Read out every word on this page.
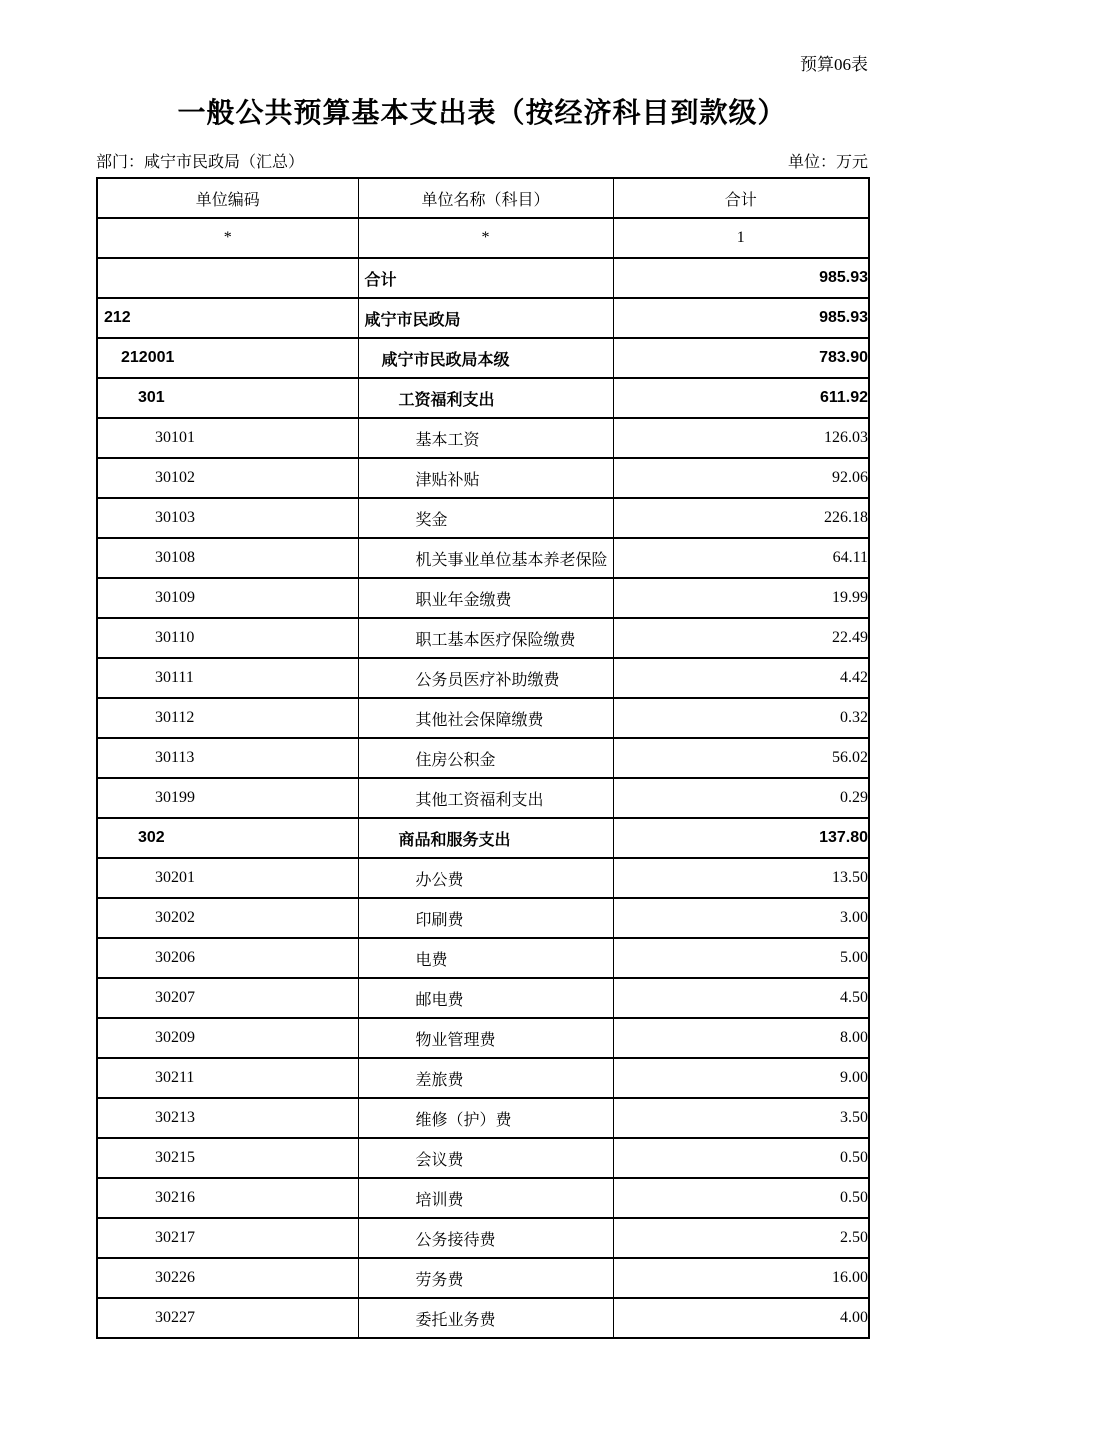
预算06表
一般公共预算基本支出表（按经济科目到款级）
部门：咸宁市民政局（汇总）	单位：万元
单位编码	单位名称（科目）	合计
*	*	1
	合计	985.93
212	咸宁市民政局	985.93
212001	咸宁市民政局本级	783.90
301	工资福利支出	611.92
30101	基本工资	126.03
30102	津贴补贴	92.06
30103	奖金	226.18
30108	机关事业单位基本养老保险	64.11
30109	职业年金缴费	19.99
30110	职工基本医疗保险缴费	22.49
30111	公务员医疗补助缴费	4.42
30112	其他社会保障缴费	0.32
30113	住房公积金	56.02
30199	其他工资福利支出	0.29
302	商品和服务支出	137.80
30201	办公费	13.50
30202	印刷费	3.00
30206	电费	5.00
30207	邮电费	4.50
30209	物业管理费	8.00
30211	差旅费	9.00
30213	维修（护）费	3.50
30215	会议费	0.50
30216	培训费	0.50
30217	公务接待费	2.50
30226	劳务费	16.00
30227	委托业务费	4.00
